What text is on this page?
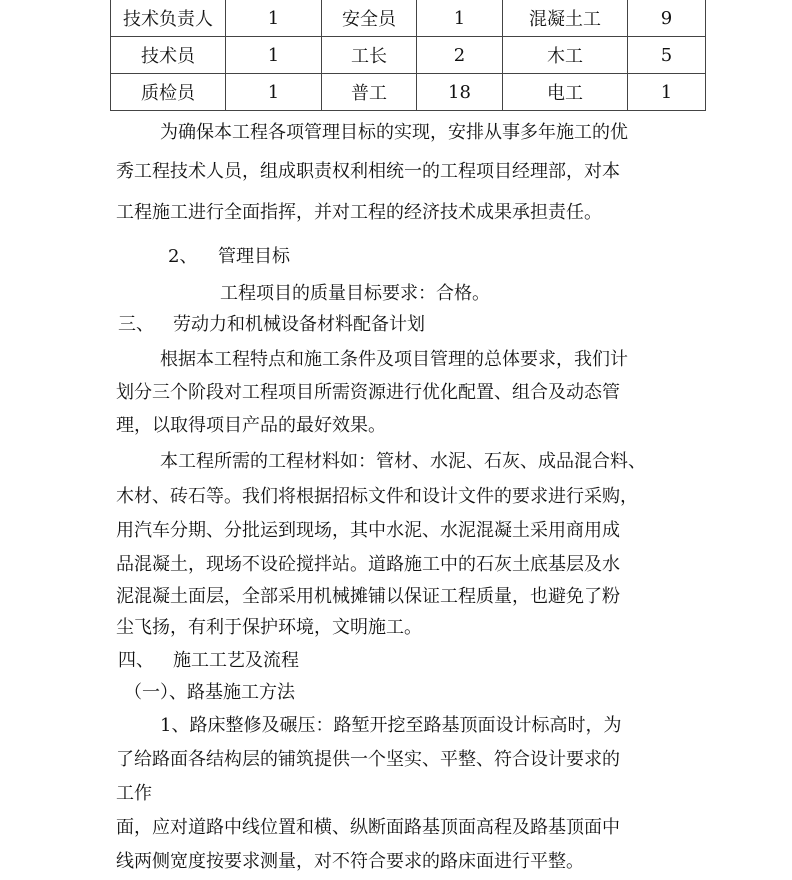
技术负责人	1	安全员	1	混凝土工	9
技术员	1	工长	2	木工	5
质检员	1	普工	18	电工	1
为确保本工程各项管理目标的实现，安排从事多年施工的优
秀工程技术人员，组成职责权利相统一的工程项目经理部，对本
工程施工进行全面指挥，并对工程的经济技术成果承担责任。
2、 管理目标
工程项目的质量目标要求：合格。
三、 劳动力和机械设备材料配备计划
根据本工程特点和施工条件及项目管理的总体要求，我们计
划分三个阶段对工程项目所需资源进行优化配置、组合及动态管
理，以取得项目产品的最好效果。
本工程所需的工程材料如：管材、水泥、石灰、成品混合料、
木材、砖石等。我们将根据招标文件和设计文件的要求进行采购，
用汽车分期、分批运到现场，其中水泥、水泥混凝土采用商用成
品混凝土，现场不设砼搅拌站。道路施工中的石灰土底基层及水
泥混凝土面层，全部采用机械摊铺以保证工程质量，也避免了粉
尘飞扬，有利于保护环境，文明施工。
四、 施工工艺及流程
（一）、路基施工方法
1、路床整修及碾压：路堑开挖至路基顶面设计标高时，为
了给路面各结构层的铺筑提供一个坚实、平整、符合设计要求的
工作
面，应对道路中线位置和横、纵断面路基顶面高程及路基顶面中
线两侧宽度按要求测量，对不符合要求的路床面进行平整。
